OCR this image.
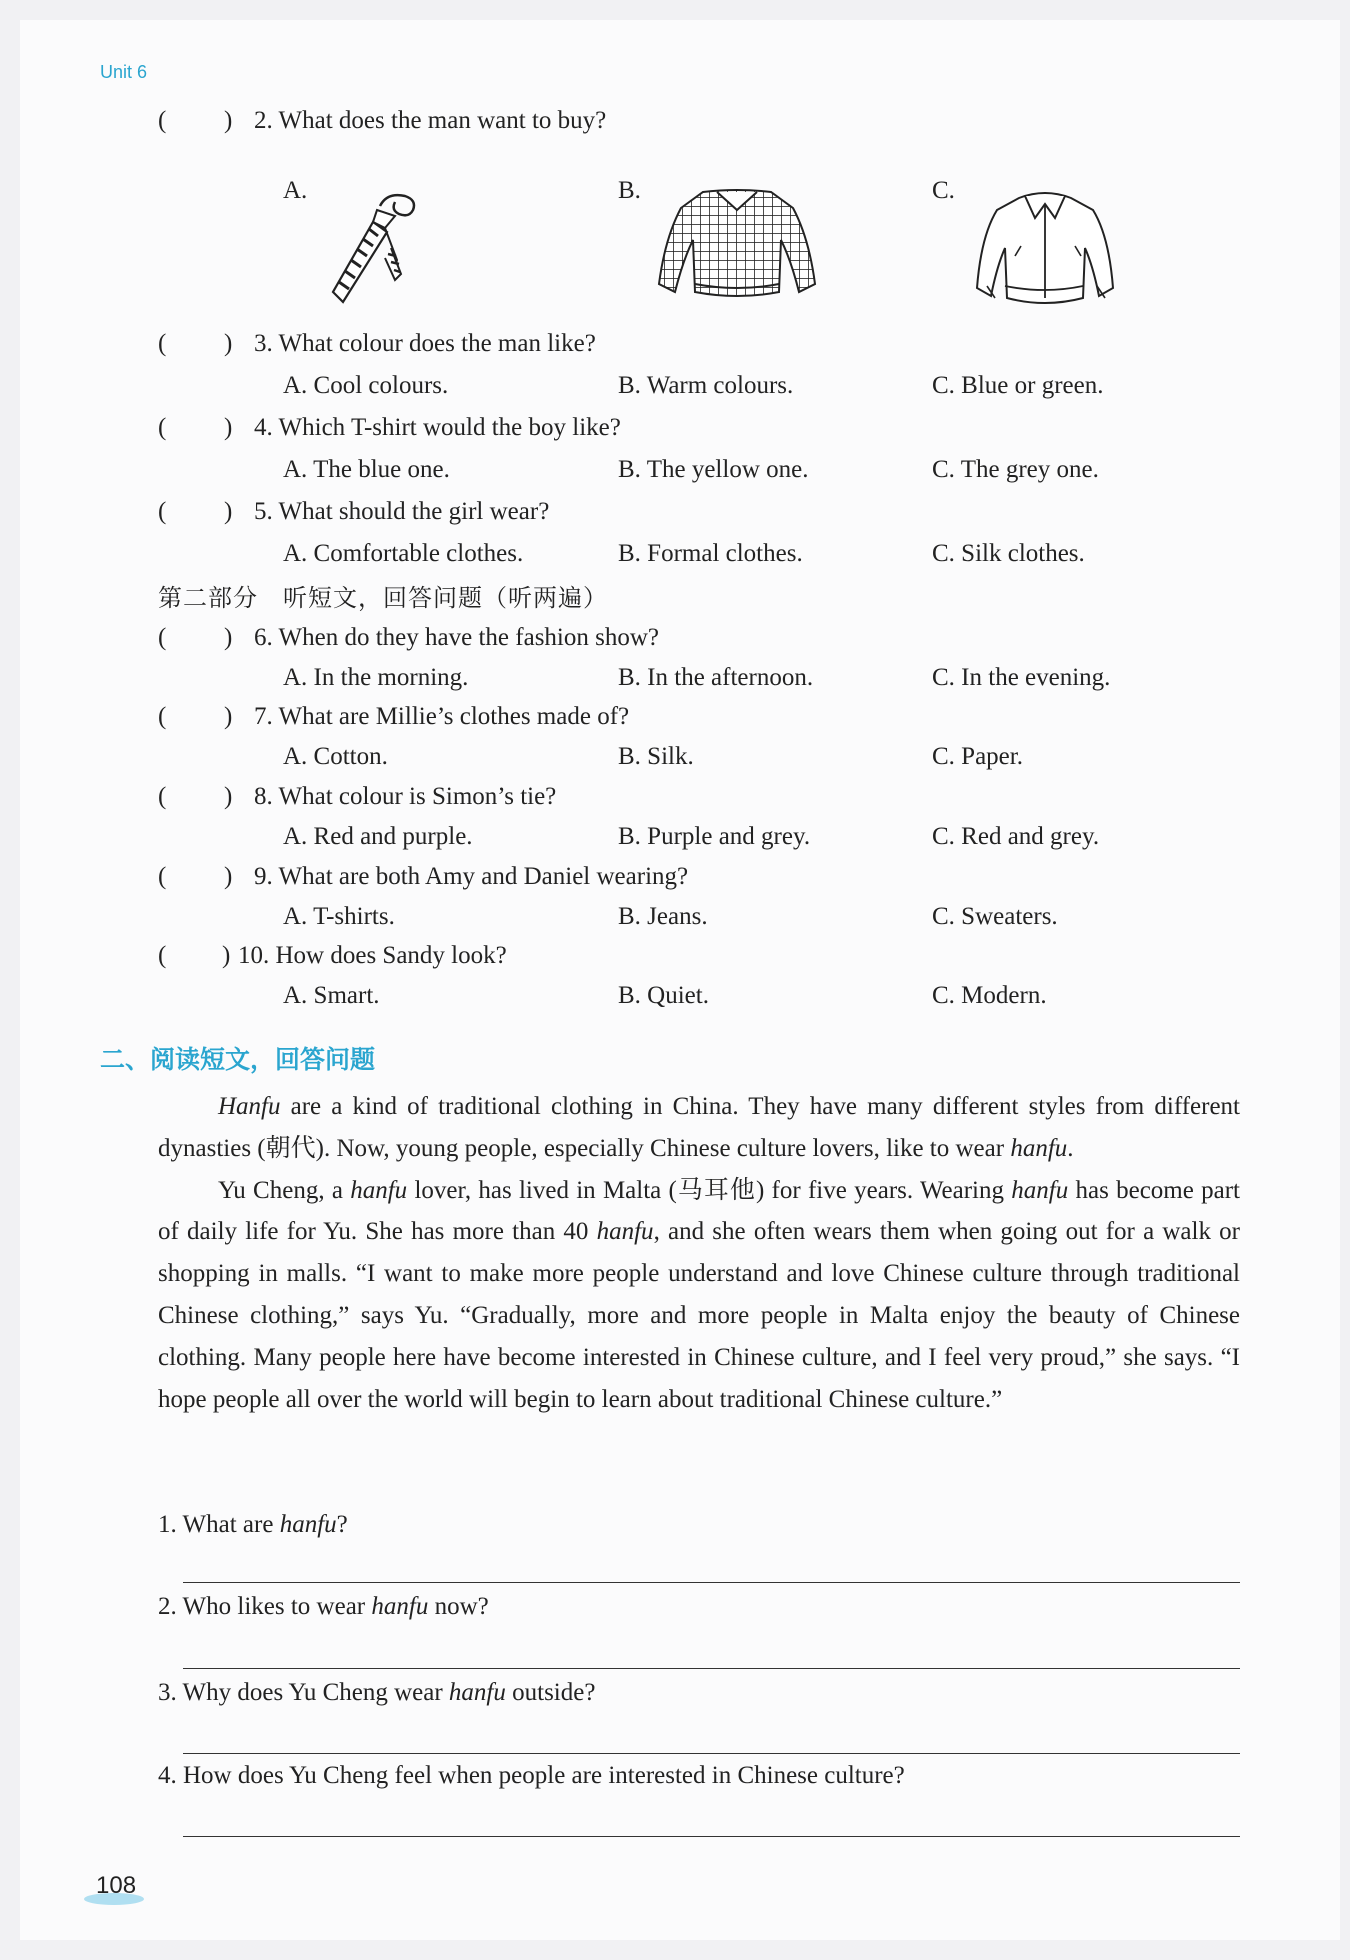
Unit 6
( ) 2. What does the man want to buy?
A.	B.	C.
( ) 3. What colour does the man like?
A. Cool colours.	B. Warm colours.	C. Blue or green.
( ) 4. Which T-shirt would the boy like?
A. The blue one.	B. The yellow one.	C. The grey one.
( ) 5. What should the girl wear?
A. Comfortable clothes.	B. Formal clothes.	C. Silk clothes.
第二部分　听短文，回答问题（听两遍）
( ) 6. When do they have the fashion show?
A. In the morning.	B. In the afternoon.	C. In the evening.
( ) 7. What are Millie’s clothes made of?
A. Cotton.	B. Silk.	C. Paper.
( ) 8. What colour is Simon’s tie?
A. Red and purple.	B. Purple and grey.	C. Red and grey.
( ) 9. What are both Amy and Daniel wearing?
A. T-shirts.	B. Jeans.	C. Sweaters.
( ) 10. How does Sandy look?
A. Smart.	B. Quiet.	C. Modern.
二、阅读短文，回答问题

Hanfu are a kind of traditional clothing in China. They have many different styles from different dynasties (朝代). Now, young people, especially Chinese culture lovers, like to wear hanfu.

Yu Cheng, a hanfu lover, has lived in Malta (马耳他) for five years. Wearing hanfu has become part of daily life for Yu. She has more than 40 hanfu, and she often wears them when going out for a walk or shopping in malls. “I want to make more people understand and love Chinese culture through traditional Chinese clothing,” says Yu. “Gradually, more and more people in Malta enjoy the beauty of Chinese clothing. Many people here have become interested in Chinese culture, and I feel very proud,” she says. “I hope people all over the world will begin to learn about traditional Chinese culture.”

1. What are hanfu?
2. Who likes to wear hanfu now?
3. Why does Yu Cheng wear hanfu outside?
4. How does Yu Cheng feel when people are interested in Chinese culture?
108
